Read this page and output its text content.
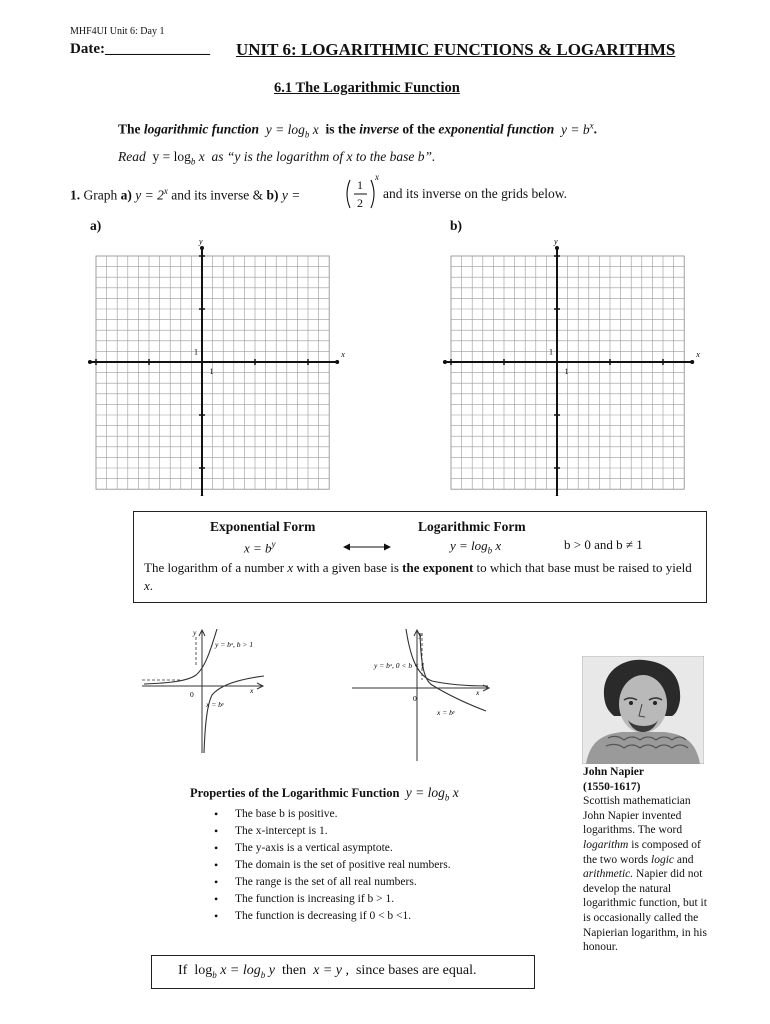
MHF4UI Unit 6: Day 1
Date:______________ UNIT 6: LOGARITHMIC FUNCTIONS & LOGARITHMS
6.1 The Logarithmic Function
The logarithmic function $y = \log_b x$ is the inverse of the exponential function $y = b^x$.
Read $y = \log_b x$ as “y is the logarithm of x to the base b”.
1. Graph a) $y = 2^x$ and its inverse & b) y =
1
2
x
and its inverse on the grids below.
a)	b)
x
y
1
1	x
y
1
1
Exponential Form
$x = b^y$
Logarithmic Form
$y = \log_b x$	b > 0 and b ≠ 1
The logarithm of a number x with a given base is the exponent to which that base must be raised to yield x.
y = bˣ, b > 1
x = bʸ
0	x
y
y = bˣ, 0 < b < 1
x = bʸ
0
x
y
John Napier
(1550-1617)
Scottish mathematician John Napier invented logarithms. The word logarithm is composed of the two words logic and arithmetic. Napier did not develop the natural logarithmic function, but it is occasionally called the Napierian logarithm, in his honour.
Properties of the Logarithmic Function $y = \log_b x$
• The base b is positive.
• The x-intercept is 1.
• The y-axis is a vertical asymptote.
• The domain is the set of positive real numbers.
• The range is the set of all real numbers.
• The function is increasing if b > 1.
• The function is decreasing if 0 < b <1.
If $\log_b x = \log_b y$ then x = y , since bases are equal.
